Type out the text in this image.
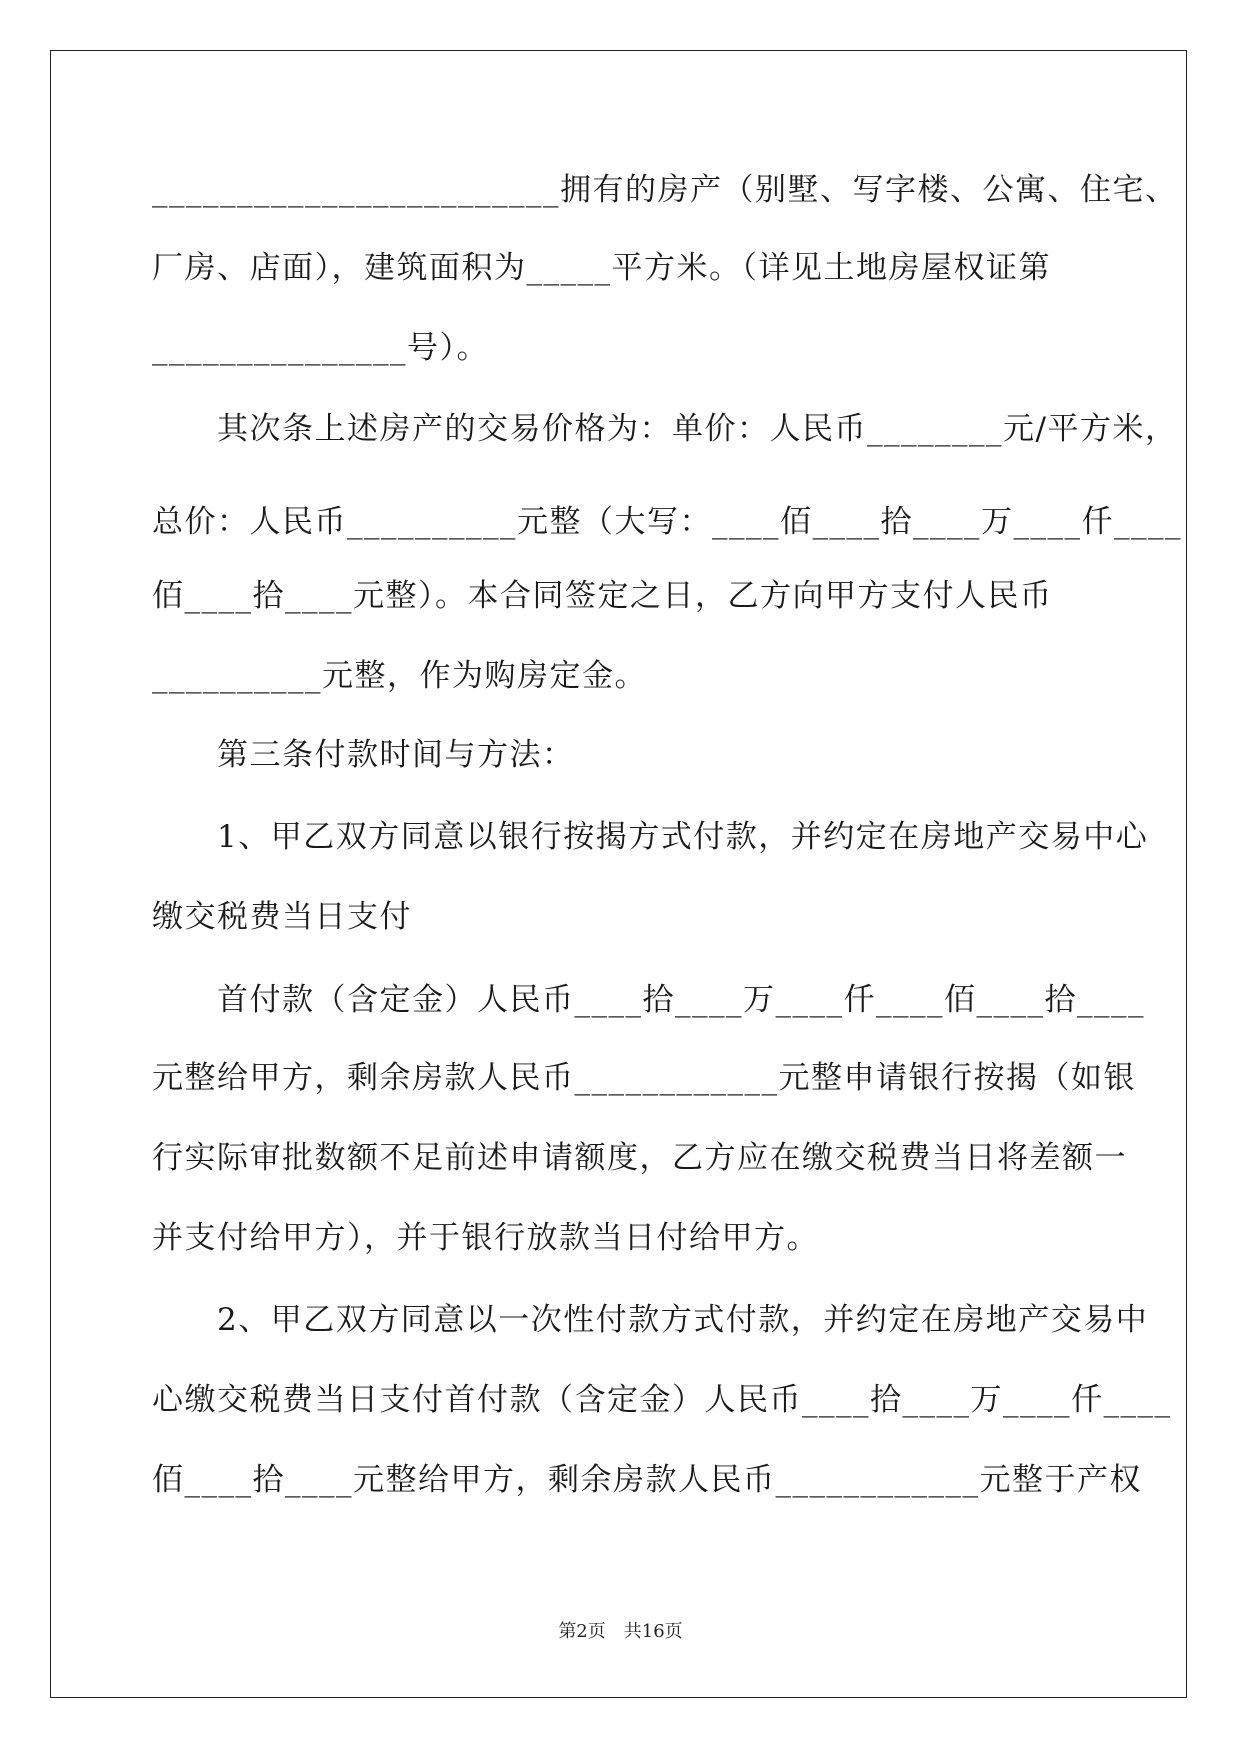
________________________拥有的房产（别墅、写字楼、公寓、住宅、
厂房、店面），建筑面积为_____平方米。（详见土地房屋权证第
_______________号）。
　　其次条上述房产的交易价格为：单价：人民币________元/平方米，
总价：人民币__________元整（大写：____佰____拾____万____仟____
佰____拾____元整）。本合同签定之日，乙方向甲方支付人民币
__________元整，作为购房定金。
　　第三条付款时间与方法：
　　1、甲乙双方同意以银行按揭方式付款，并约定在房地产交易中心
缴交税费当日支付
　　首付款（含定金）人民币____拾____万____仟____佰____拾____
元整给甲方，剩余房款人民币____________元整申请银行按揭（如银
行实际审批数额不足前述申请额度，乙方应在缴交税费当日将差额一
并支付给甲方），并于银行放款当日付给甲方。
　　2、甲乙双方同意以一次性付款方式付款，并约定在房地产交易中
心缴交税费当日支付首付款（含定金）人民币____拾____万____仟____
佰____拾____元整给甲方，剩余房款人民币____________元整于产权
第2页　共16页
